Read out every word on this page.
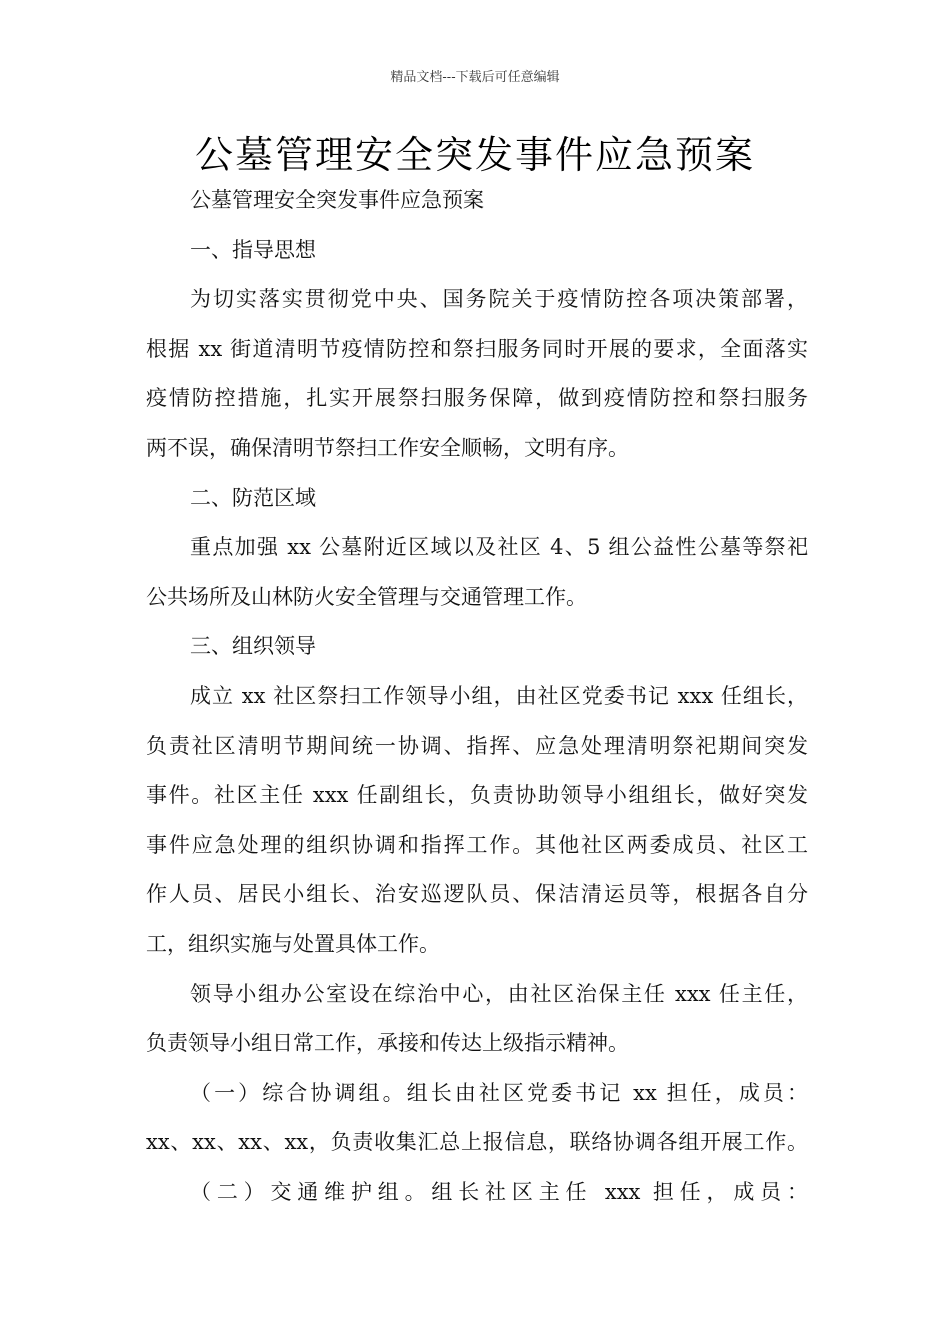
精品文档---下载后可任意编辑
公墓管理安全突发事件应急预案
公墓管理安全突发事件应急预案
一、指导思想
为切实落实贯彻党中央、国务院关于疫情防控各项决策部署，
根据 xx 街道清明节疫情防控和祭扫服务同时开展的要求，全面落实
疫情防控措施，扎实开展祭扫服务保障，做到疫情防控和祭扫服务
两不误，确保清明节祭扫工作安全顺畅，文明有序。
二、防范区域
重点加强 xx 公墓附近区域以及社区 4、5 组公益性公墓等祭祀
公共场所及山林防火安全管理与交通管理工作。
三、组织领导
成立 xx 社区祭扫工作领导小组，由社区党委书记 xxx 任组长，
负责社区清明节期间统一协调、指挥、应急处理清明祭祀期间突发
事件。社区主任 xxx 任副组长，负责协助领导小组组长，做好突发
事件应急处理的组织协调和指挥工作。其他社区两委成员、社区工
作人员、居民小组长、治安巡逻队员、保洁清运员等，根据各自分
工，组织实施与处置具体工作。
领导小组办公室设在综治中心，由社区治保主任 xxx 任主任，
负责领导小组日常工作，承接和传达上级指示精神。
（一）综合协调组。组长由社区党委书记 xx 担任，成员：
xx、xx、xx、xx，负责收集汇总上报信息，联络协调各组开展工作。
（二）交通维护组。组长社区主任 xxx 担任，成员：
